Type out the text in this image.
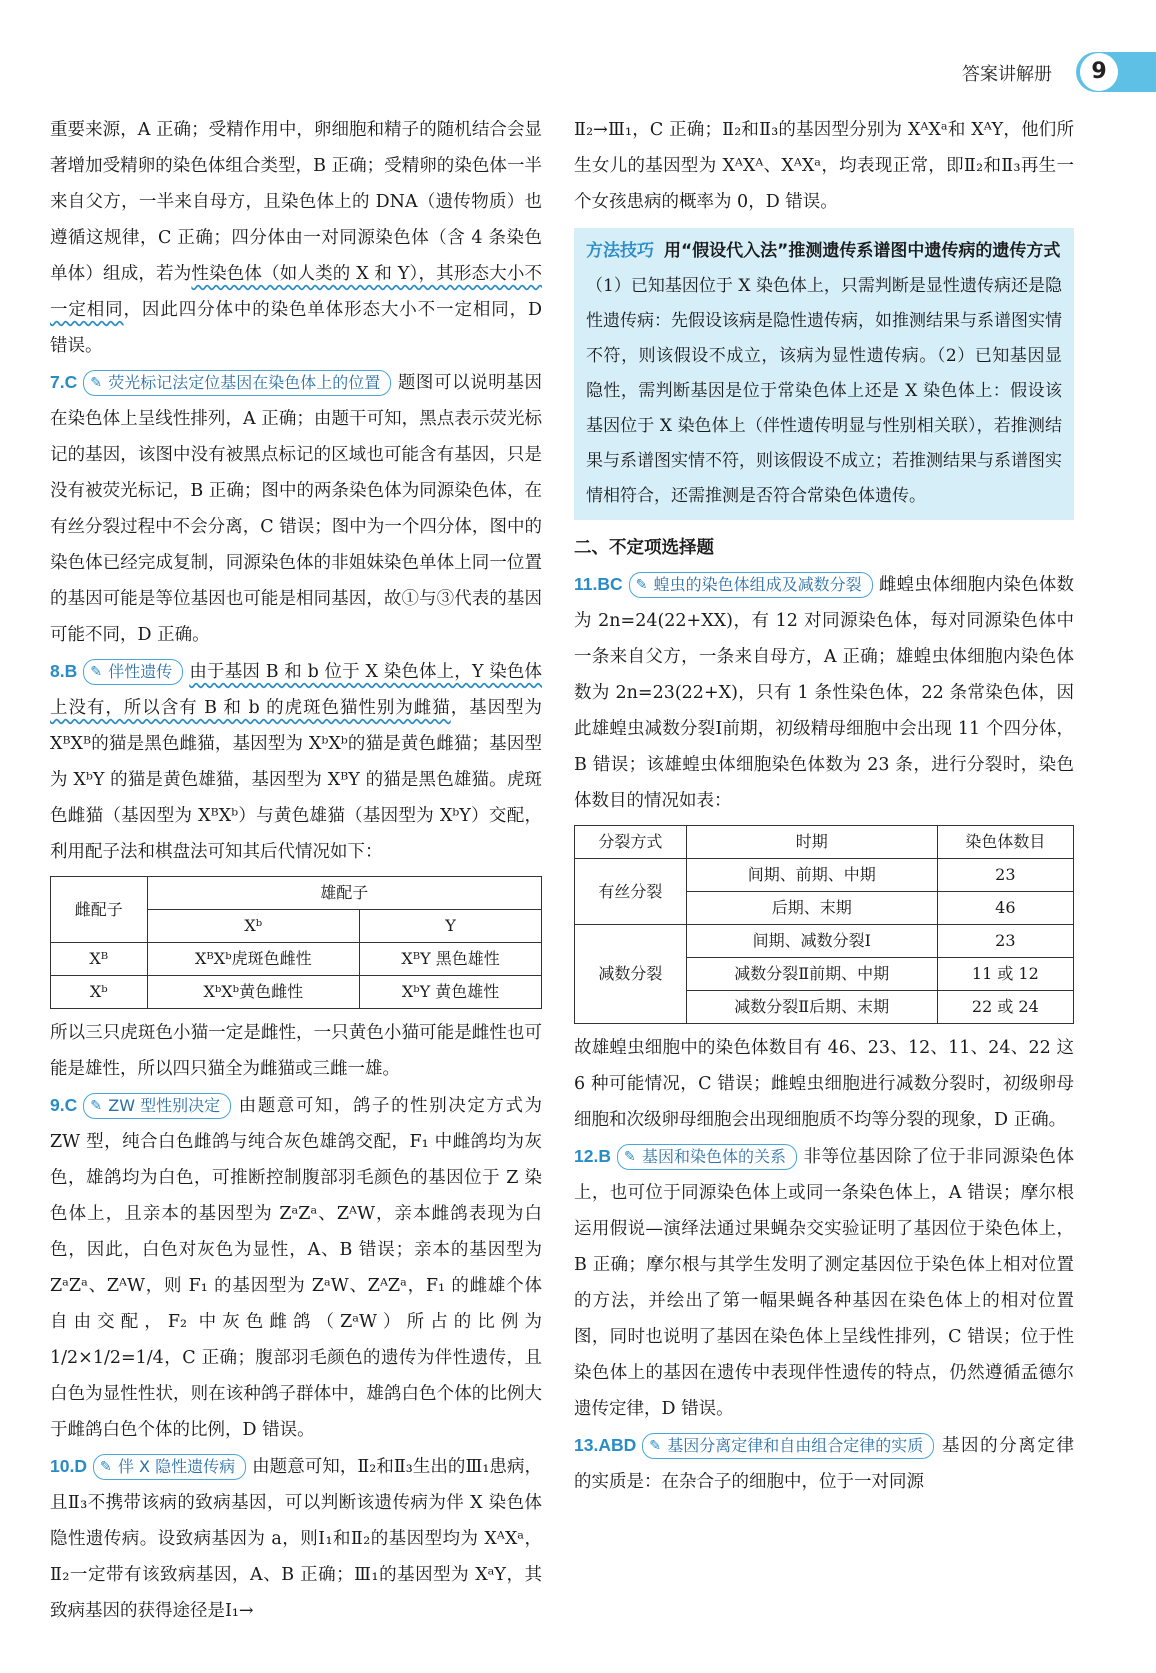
答案讲解册	9

重要来源，A 正确；受精作用中，卵细胞和精子的随机结合会显著增加受精卵的染色体组合类型，B 正确；受精卵的染色体一半来自父方，一半来自母方，且染色体上的 DNA（遗传物质）也遵循这规律，C 正确；四分体由一对同源染色体（含 4 条染色单体）组成，若为性染色体（如人类的 X 和 Y），其形态大小不一定相同，因此四分体中的染色单体形态大小不一定相同，D 错误。

7.C ✎ 荧光标记法定位基因在染色体上的位置 题图可以说明基因在染色体上呈线性排列，A 正确；由题干可知，黑点表示荧光标记的基因，该图中没有被黑点标记的区域也可能含有基因，只是没有被荧光标记，B 正确；图中的两条染色体为同源染色体，在有丝分裂过程中不会分离，C 错误；图中为一个四分体，图中的染色体已经完成复制，同源染色体的非姐妹染色单体上同一位置的基因可能是等位基因也可能是相同基因，故①与③代表的基因可能不同，D 正确。

8.B ✎ 伴性遗传 由于基因 B 和 b 位于 X 染色体上，Y 染色体上没有，所以含有 B 和 b 的虎斑色猫性别为雌猫，基因型为 XᴮXᴮ的猫是黑色雌猫，基因型为 XᵇXᵇ的猫是黄色雌猫；基因型为 XᵇY 的猫是黄色雄猫，基因型为 XᴮY 的猫是黑色雄猫。虎斑色雌猫（基因型为 XᴮXᵇ）与黄色雄猫（基因型为 XᵇY）交配，利用配子法和棋盘法可知其后代情况如下：

雌配子	雄配子	
	Xᵇ	Y
Xᴮ	XᴮXᵇ虎斑色雌性	XᴮY 黑色雄性
Xᵇ	XᵇXᵇ黄色雌性	XᵇY 黄色雄性

所以三只虎斑色小猫一定是雌性，一只黄色小猫可能是雌性也可能是雄性，所以四只猫全为雌猫或三雌一雄。

9.C ✎ ZW 型性别决定 由题意可知，鸽子的性别决定方式为 ZW 型，纯合白色雌鸽与纯合灰色雄鸽交配，F₁ 中雌鸽均为灰色，雄鸽均为白色，可推断控制腹部羽毛颜色的基因位于 Z 染色体上，且亲本的基因型为 ZᵃZᵃ、ZᴬW，亲本雌鸽表现为白色，因此，白色对灰色为显性，A、B 错误；亲本的基因型为 ZᵃZᵃ、ZᴬW，则 F₁ 的基因型为 ZᵃW、ZᴬZᵃ，F₁ 的雌雄个体自由交配，F₂ 中灰色雌鸽（ZᵃW）所占的比例为 1/2×1/2=1/4，C 正确；腹部羽毛颜色的遗传为伴性遗传，且白色为显性性状，则在该种鸽子群体中，雄鸽白色个体的比例大于雌鸽白色个体的比例，D 错误。

10.D ✎ 伴 X 隐性遗传病 由题意可知，Ⅱ₂和Ⅱ₃生出的Ⅲ₁患病，且Ⅱ₃不携带该病的致病基因，可以判断该遗传病为伴 X 染色体隐性遗传病。设致病基因为 a，则Ⅰ₁和Ⅱ₂的基因型均为 XᴬXᵃ，Ⅱ₂一定带有该致病基因，A、B 正确；Ⅲ₁的基因型为 XᵃY，其致病基因的获得途径是Ⅰ₁→

Ⅱ₂→Ⅲ₁，C 正确；Ⅱ₂和Ⅱ₃的基因型分别为 XᴬXᵃ和 XᴬY，他们所生女儿的基因型为 XᴬXᴬ、XᴬXᵃ，均表现正常，即Ⅱ₂和Ⅱ₃再生一个女孩患病的概率为 0，D 错误。

方法技巧 用“假设代入法”推测遗传系谱图中遗传病的遗传方式
（1）已知基因位于 X 染色体上，只需判断是显性遗传病还是隐性遗传病：先假设该病是隐性遗传病，如推测结果与系谱图实情不符，则该假设不成立，该病为显性遗传病。（2）已知基因显隐性，需判断基因是位于常染色体上还是 X 染色体上：假设该基因位于 X 染色体上（伴性遗传明显与性别相关联），若推测结果与系谱图实情不符，则该假设不成立；若推测结果与系谱图实情相符合，还需推测是否符合常染色体遗传。
二、不定项选择题

11.BC ✎ 蝗虫的染色体组成及减数分裂 雌蝗虫体细胞内染色体数为 2n=24(22+XX)，有 12 对同源染色体，每对同源染色体中一条来自父方，一条来自母方，A 正确；雄蝗虫体细胞内染色体数为 2n=23(22+X)，只有 1 条性染色体，22 条常染色体，因此雄蝗虫减数分裂Ⅰ前期，初级精母细胞中会出现 11 个四分体，B 错误；该雄蝗虫体细胞染色体数为 23 条，进行分裂时，染色体数目的情况如表：

分裂方式	时期	染色体数目
有丝分裂	间期、前期、中期	23
	后期、末期	46
减数分裂	间期、减数分裂Ⅰ	23
	减数分裂Ⅱ前期、中期	11 或 12
	减数分裂Ⅱ后期、末期	22 或 24

故雄蝗虫细胞中的染色体数目有 46、23、12、11、24、22 这 6 种可能情况，C 错误；雌蝗虫细胞进行减数分裂时，初级卵母细胞和次级卵母细胞会出现细胞质不均等分裂的现象，D 正确。

12.B ✎ 基因和染色体的关系 非等位基因除了位于非同源染色体上，也可位于同源染色体上或同一条染色体上，A 错误；摩尔根运用假说—演绎法通过果蝇杂交实验证明了基因位于染色体上，B 正确；摩尔根与其学生发明了测定基因位于染色体上相对位置的方法，并绘出了第一幅果蝇各种基因在染色体上的相对位置图，同时也说明了基因在染色体上呈线性排列，C 错误；位于性染色体上的基因在遗传中表现伴性遗传的特点，仍然遵循孟德尔遗传定律，D 错误。

13.ABD ✎ 基因分离定律和自由组合定律的实质 基因的分离定律的实质是：在杂合子的细胞中，位于一对同源
